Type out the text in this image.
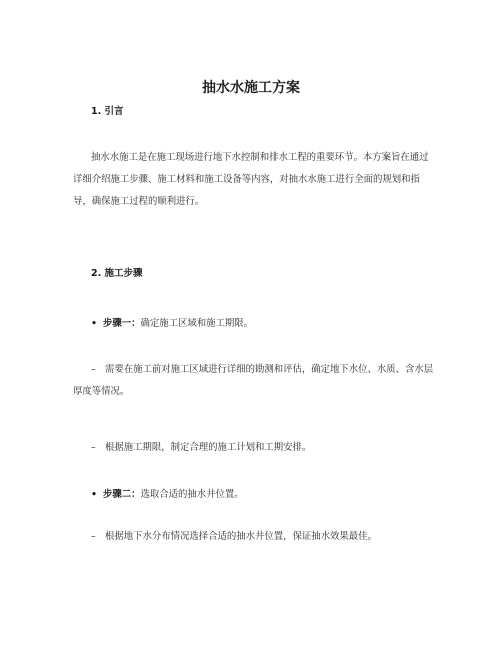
抽水水施工方案
1. 引言

抽水水施工是在施工现场进行地下水控制和排水工程的重要环节。本方案旨在通过详细介绍施工步骤、施工材料和施工设备等内容，对抽水水施工进行全面的规划和指导，确保施工过程的顺利进行。

2. 施工步骤
• 步骤一：确定施工区域和施工期限。

– 需要在施工前对施工区域进行详细的勘测和评估，确定地下水位、水质、含水层厚度等情况。

– 根据施工期限，制定合理的施工计划和工期安排。

• 步骤二：选取合适的抽水井位置。

– 根据地下水分布情况选择合适的抽水井位置，保证抽水效果最佳。
